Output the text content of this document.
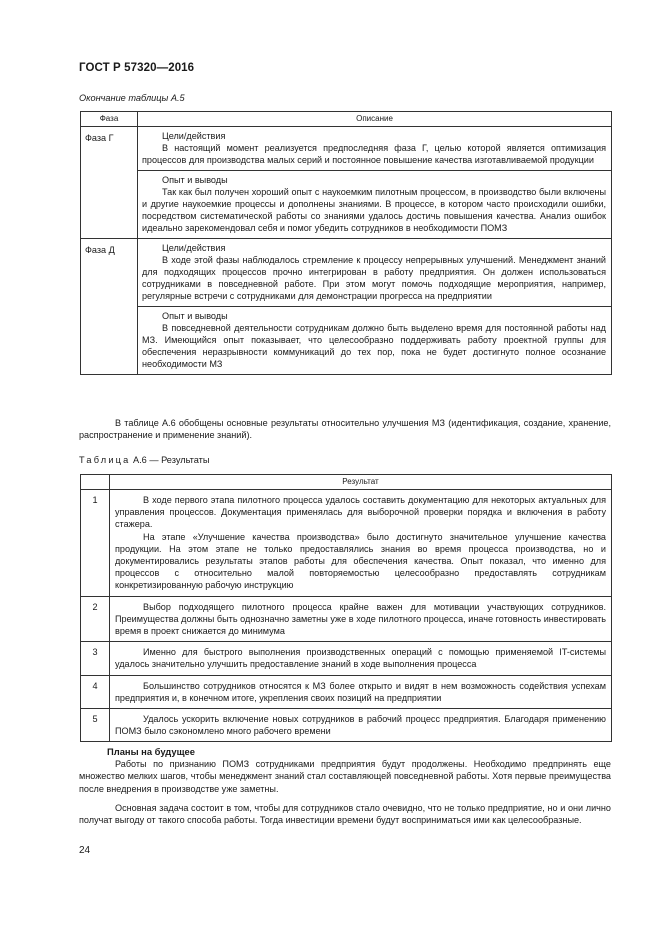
ГОСТ Р 57320—2016
Окончание таблицы А.5
Фаза	Описание
Фаза Г	Цели/действия
В настоящий момент реализуется предпоследняя фаза Г, целью которой является оптимизация процессов для производства малых серий и постоянное повышение качества изготавливаемой продукции

	Опыт и выводы
Так как был получен хороший опыт с наукоемким пилотным процессом, в производство были включены и другие наукоемкие процессы и дополнены знаниями. В процессе, в котором часто происходили ошибки, посредством систематической работы со знаниями удалось достичь повышения качества. Анализ ошибок идеально зарекомендовал себя и помог убедить сотрудников в необходимости ПОМЗ

Фаза Д	Цели/действия
В ходе этой фазы наблюдалось стремление к процессу непрерывных улучшений. Менеджмент знаний для подходящих процессов прочно интегрирован в работу предприятия. Он должен использоваться сотрудниками в повседневной работе. При этом могут помочь подходящие мероприятия, например, регулярные встречи с сотрудниками для демонстрации прогресса на предприятии

	Опыт и выводы
В повседневной деятельности сотрудникам должно быть выделено время для постоянной работы над МЗ. Имеющийся опыт показывает, что целесообразно поддерживать работу проектной группы для обеспечения неразрывности коммуникаций до тех пор, пока не будет достигнуто полное осознание необходимости МЗ
В таблице А.6 обобщены основные результаты относительно улучшения МЗ (идентификация, создание, хранение, распространение и применение знаний).
Таблица А.6 — Результаты
	Результат
1	В ходе первого этапа пилотного процесса удалось составить документацию для некоторых актуальных для управления процессов. Документация применялась для выборочной проверки порядка и включения в работу стажера.

На этапе «Улучшение качества производства» было достигнуто значительное улучшение качества продукции. На этом этапе не только предоставлялись знания во время процесса производства, но и документировались результаты этапов работы для обеспечения качества. Опыт показал, что именно для процессов с относительно малой повторяемостью целесообразно предоставлять сотрудникам конкретизированную рабочую инструкцию

2	Выбор подходящего пилотного процесса крайне важен для мотивации участвующих сотрудников. Преимущества должны быть однозначно заметны уже в ходе пилотного процесса, иначе готовность инвестировать время в проект снижается до минимума

3	Именно для быстрого выполнения производственных операций с помощью применяемой IT-системы удалось значительно улучшить предоставление знаний в ходе выполнения процесса

4	Большинство сотрудников относятся к МЗ более открыто и видят в нем возможность содействия успехам предприятия и, в конечном итоге, укрепления своих позиций на предприятии

5	Удалось ускорить включение новых сотрудников в рабочий процесс предприятия. Благодаря применению ПОМЗ было сэкономлено много рабочего времени

Планы на будущее
Работы по признанию ПОМЗ сотрудниками предприятия будут продолжены. Необходимо предпринять еще множество мелких шагов, чтобы менеджмент знаний стал составляющей повседневной работы. Хотя первые преимущества после внедрения в производстве уже заметны.
Основная задача состоит в том, чтобы для сотрудников стало очевидно, что не только предприятие, но и они лично получат выгоду от такого способа работы. Тогда инвестиции времени будут восприниматься ими как целесообразные.
24
